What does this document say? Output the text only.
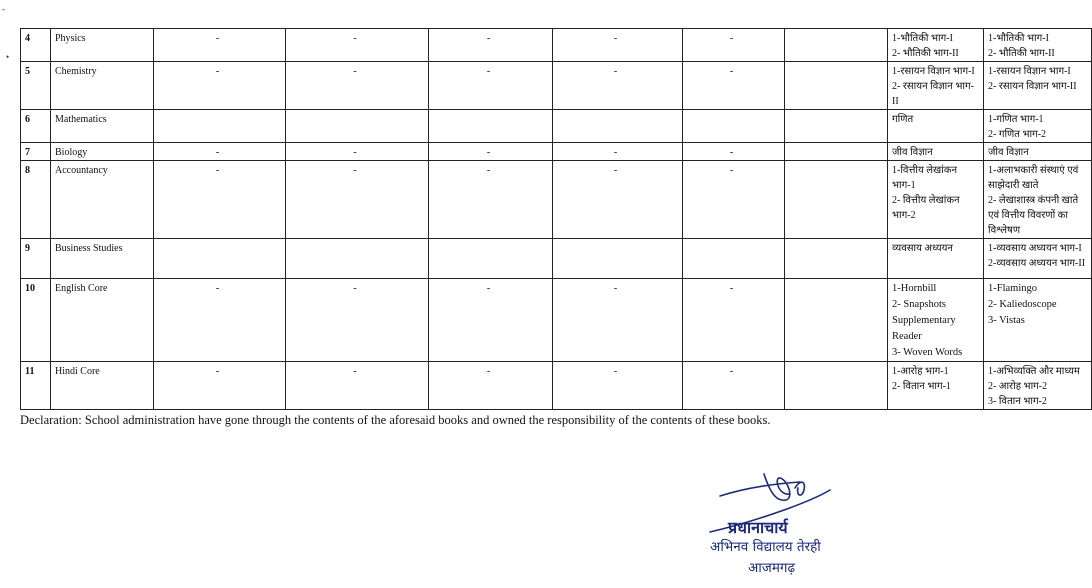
‑
•
4	Physics	-	-	-	-	-		1-भौतिकी भाग-I
2- भौतिकी भाग-II	1-भौतिकी भाग-I
2- भौतिकी भाग-II

5	Chemistry	-	-	-	-	-		1-रसायन विज्ञान भाग-I
2- रसायन विज्ञान भाग-II	1-रसायन विज्ञान भाग-I
2- रसायन विज्ञान भाग-II

6	Mathematics							गणित	1-गणित भाग-1
2- गणित भाग-2

7	Biology	-	-	-	-	-		जीव विज्ञान	जीव विज्ञान

8	Accountancy	-	-	-	-	-		1-वित्तीय लेखांकन भाग-1
2- वित्तीय लेखांकन भाग-2	1-अलाभकारी संस्थाएं एवं साझेदारी खाते
2- लेखाशास्त्र कंपनी खाते एवं वित्तीय विवरणों का विश्लेषण

9	Business Studies							व्यवसाय अध्ययन	1-व्यवसाय अध्ययन भाग-I
2-व्यवसाय अध्ययन भाग-II

10	English Core	-	-	-	-	-		1-Hornbill
2- Snapshots Supplementary Reader
3- Woven Words	1-Flamingo
2- Kaliedoscope
3- Vistas

11	Hindi Core	-	-	-	-	-		1-आरोह भाग-1
2- वितान भाग-1	1-अभिव्यक्ति और माध्यम
2- आरोह भाग-2
3- वितान भाग-2
Declaration: School administration have gone through the contents of the aforesaid books and owned the responsibility of the contents of these books.
प्रधानाचार्य
अभिनव विद्यालय तेरही
आजमगढ़
